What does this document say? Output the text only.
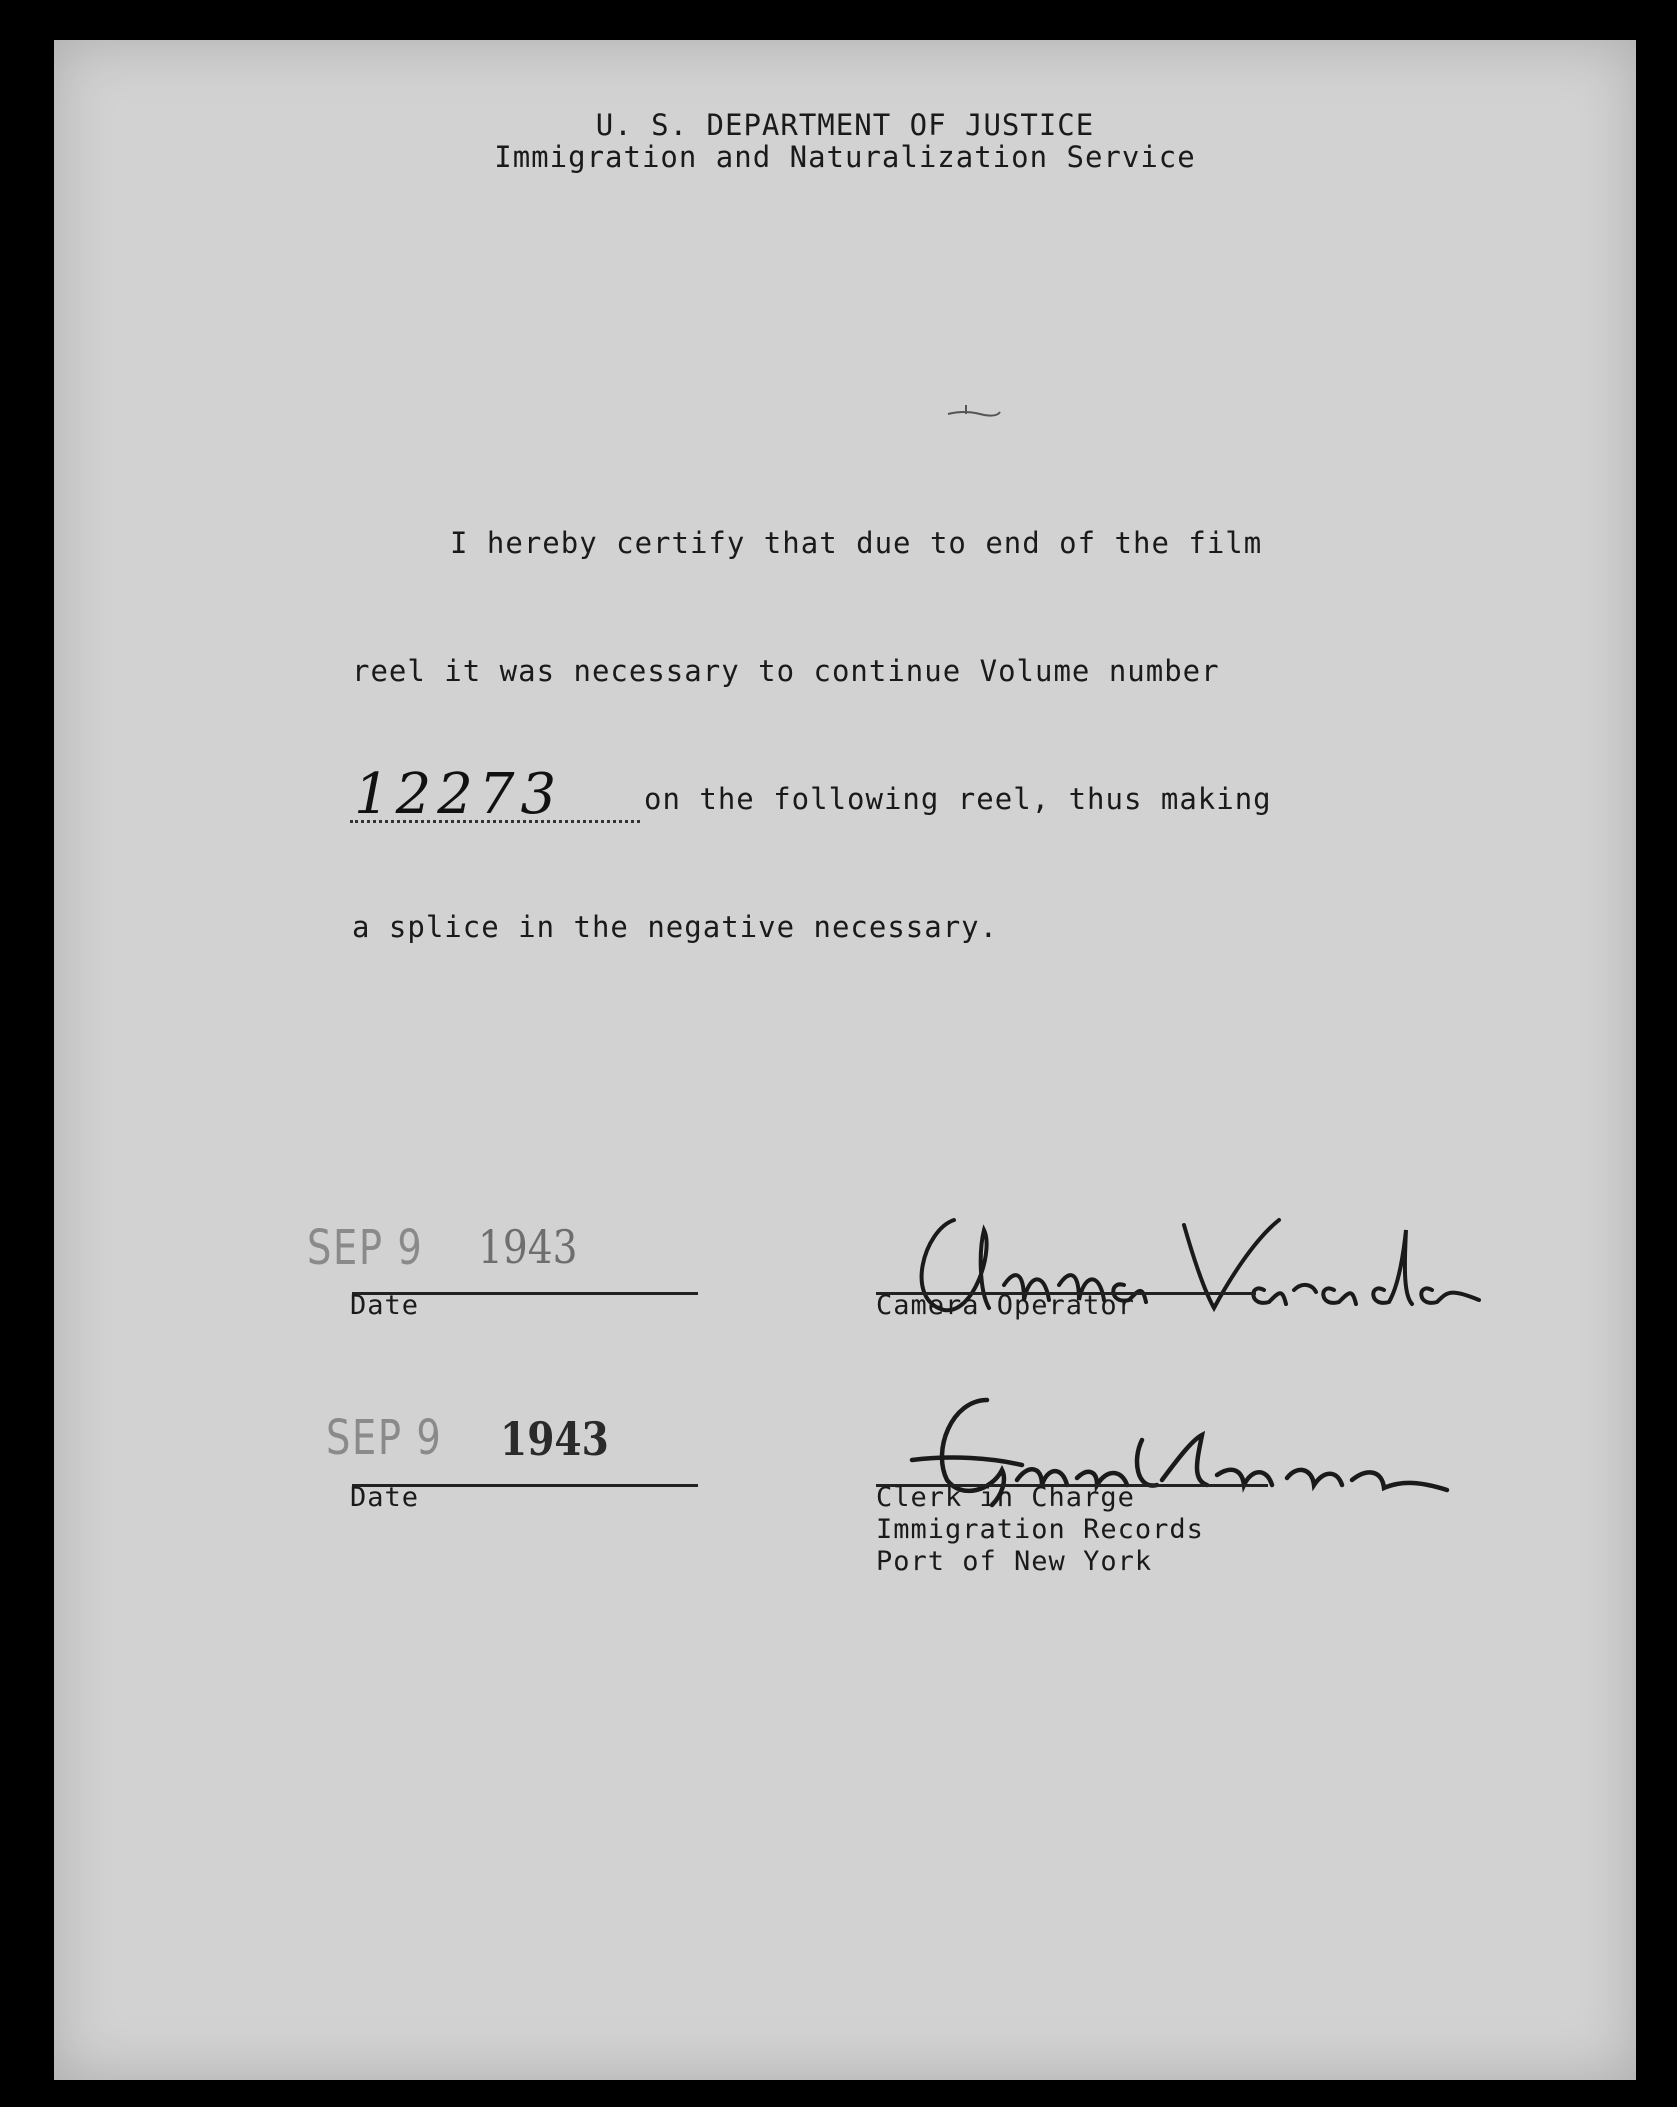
U. S. DEPARTMENT OF JUSTICE
Immigration and Naturalization Service
I hereby certify that due to end of the film
reel it was necessary to continue Volume number
12273	on the following reel, thus making
a splice in the negative necessary.
SEP 9 1943
Date	Camera Operator
SEP 9 1943
Date	Clerk in Charge
Immigration Records
Port of New York
